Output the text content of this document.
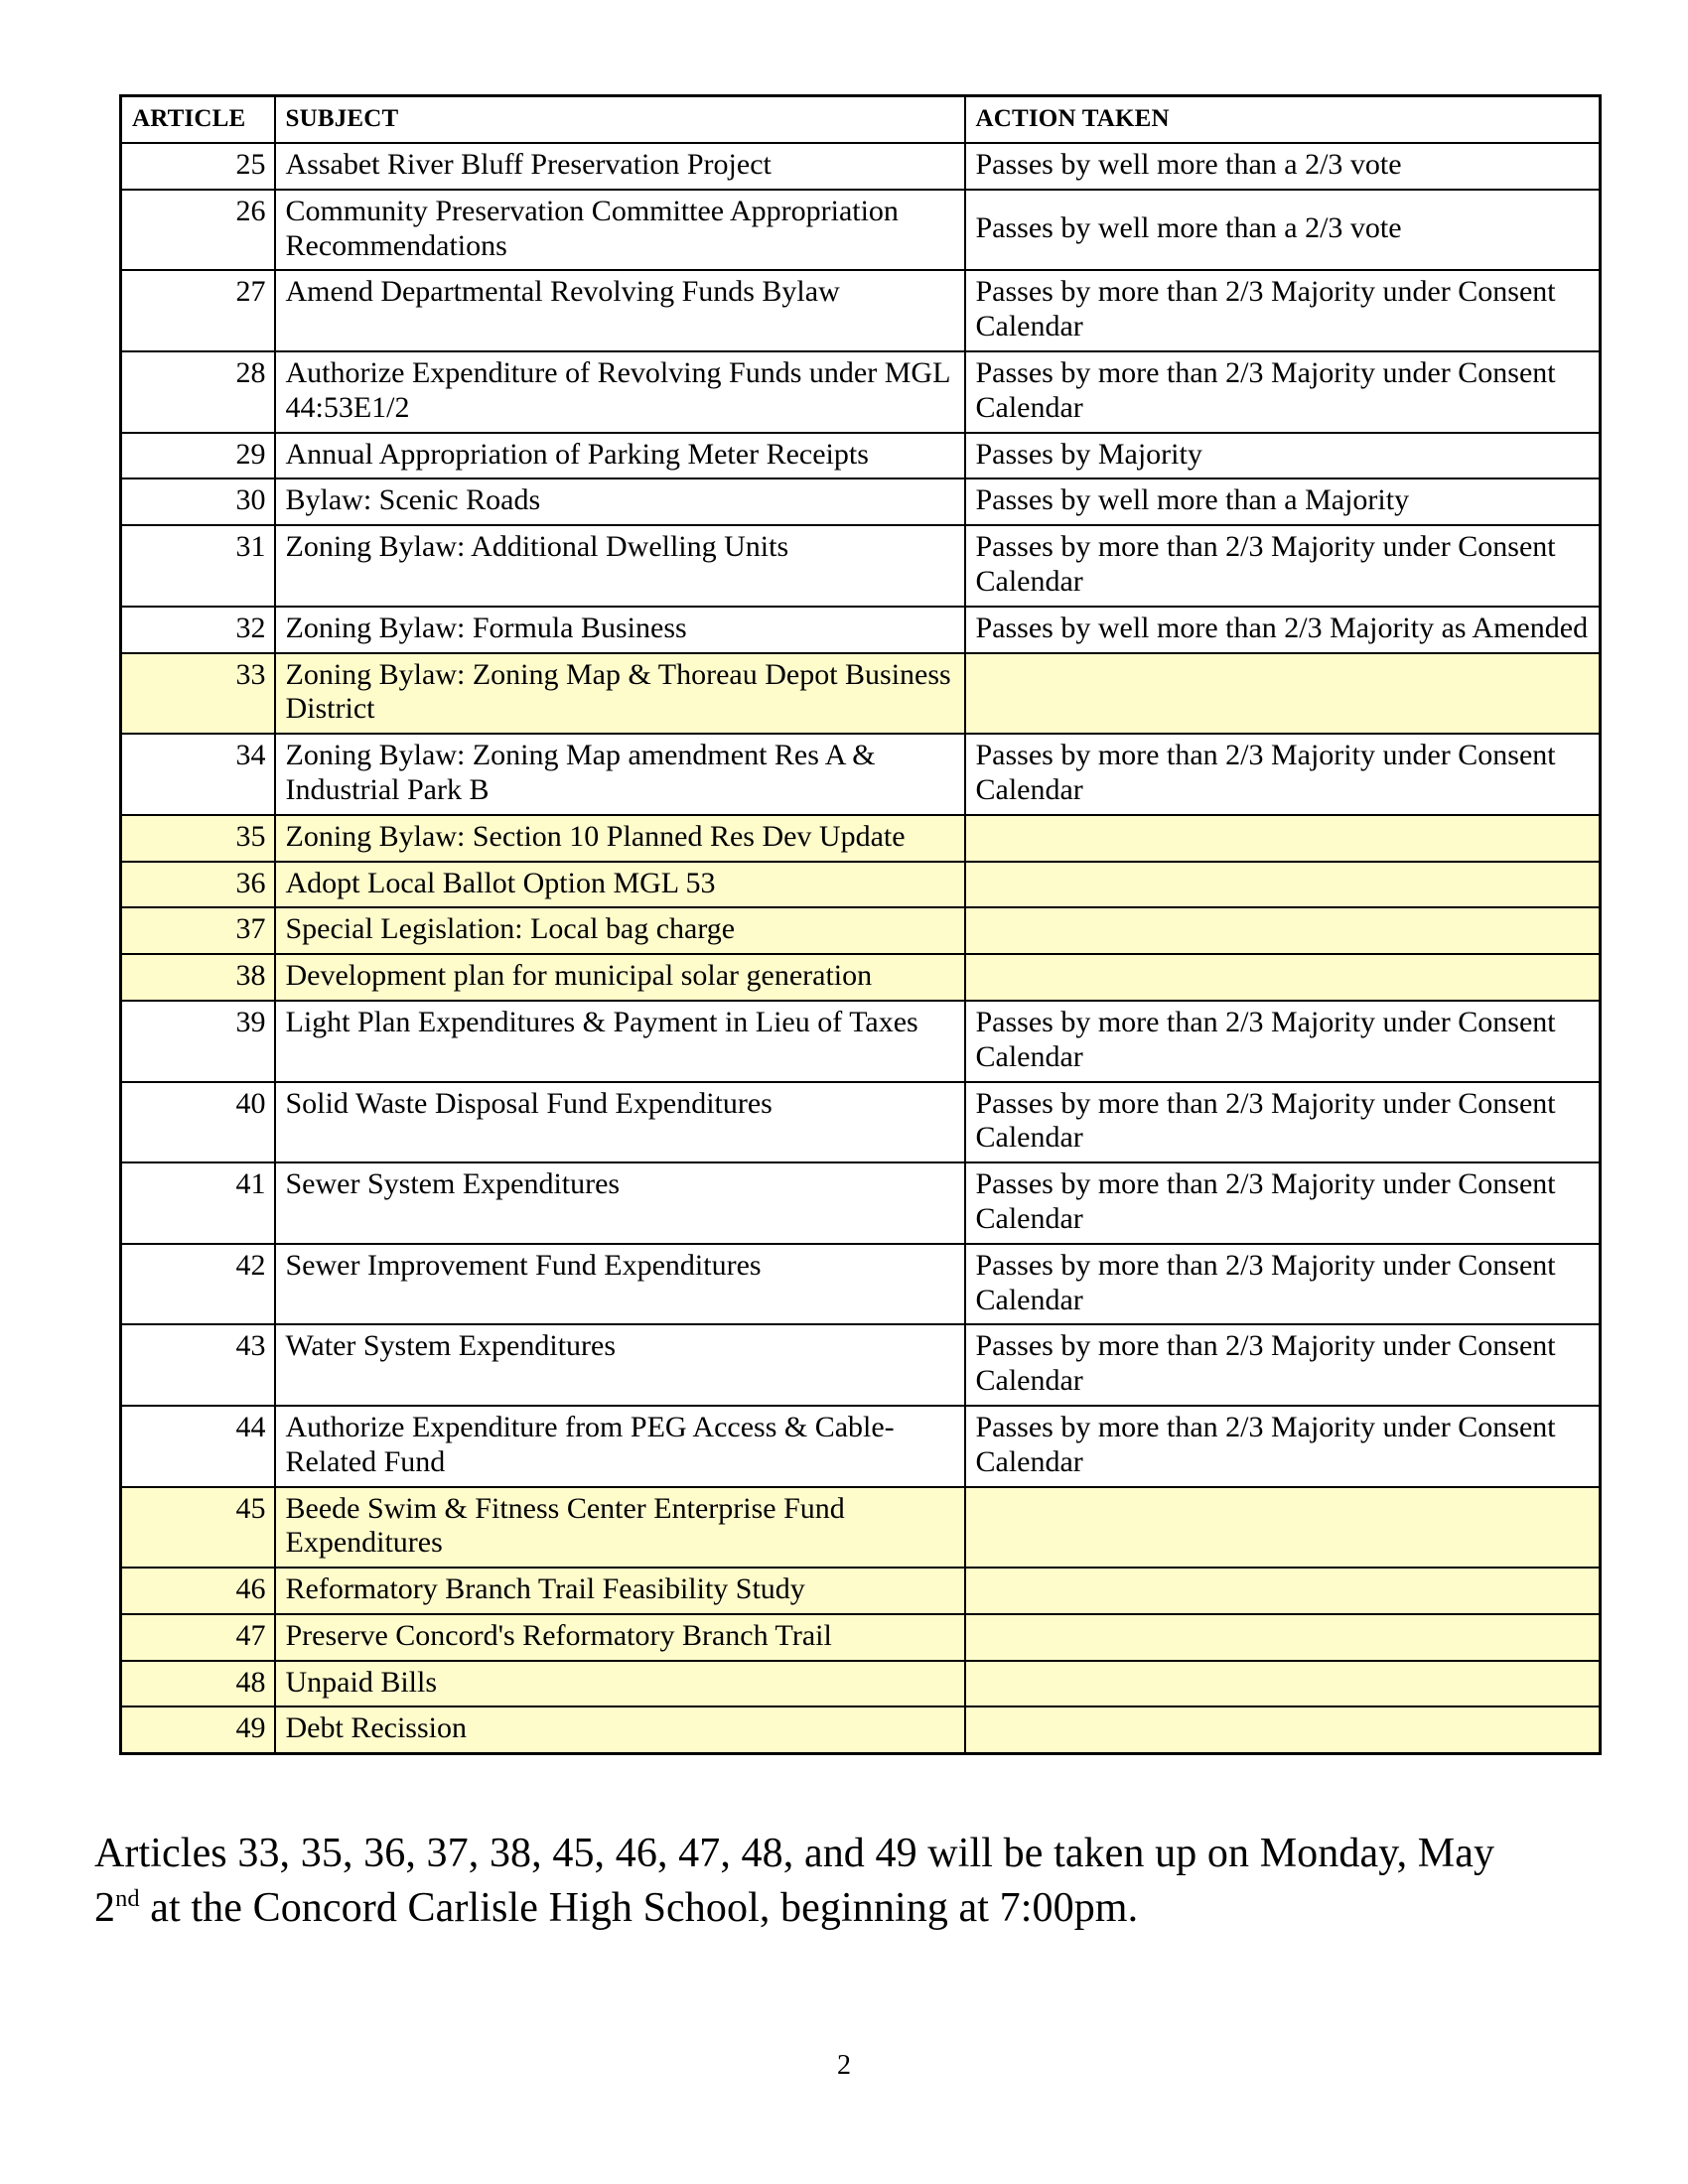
ARTICLE	SUBJECT	ACTION TAKEN
25	Assabet River Bluff Preservation Project	Passes by well more than a 2/3 vote
26	Community Preservation Committee Appropriation Recommendations	Passes by well more than a 2/3 vote
27	Amend Departmental Revolving Funds Bylaw	Passes by more than 2/3 Majority under Consent Calendar
28	Authorize Expenditure of Revolving Funds under MGL 44:53E1/2	Passes by more than 2/3 Majority under Consent Calendar
29	Annual Appropriation of Parking Meter Receipts	Passes by Majority
30	Bylaw: Scenic Roads	Passes by well more than a Majority
31	Zoning Bylaw: Additional Dwelling Units	Passes by more than 2/3 Majority under Consent Calendar
32	Zoning Bylaw: Formula Business	Passes by well more than 2/3 Majority as Amended
33	Zoning Bylaw: Zoning Map & Thoreau Depot Business District	
34	Zoning Bylaw: Zoning Map amendment Res A & Industrial Park B	Passes by more than 2/3 Majority under Consent Calendar
35	Zoning Bylaw: Section 10 Planned Res Dev Update	
36	Adopt Local Ballot Option MGL 53	
37	Special Legislation: Local bag charge	
38	Development plan for municipal solar generation	
39	Light Plan Expenditures & Payment in Lieu of Taxes	Passes by more than 2/3 Majority under Consent Calendar
40	Solid Waste Disposal Fund Expenditures	Passes by more than 2/3 Majority under Consent Calendar
41	Sewer System Expenditures	Passes by more than 2/3 Majority under Consent Calendar
42	Sewer Improvement Fund Expenditures	Passes by more than 2/3 Majority under Consent Calendar
43	Water System Expenditures	Passes by more than 2/3 Majority under Consent Calendar
44	Authorize Expenditure from PEG Access & Cable-Related Fund	Passes by more than 2/3 Majority under Consent Calendar
45	Beede Swim & Fitness Center Enterprise Fund Expenditures	
46	Reformatory Branch Trail Feasibility Study	
47	Preserve Concord's Reformatory Branch Trail	
48	Unpaid Bills	
49	Debt Recission	
Articles 33, 35, 36, 37, 38, 45, 46, 47, 48, and 49 will be taken up on Monday, May 2nd at the Concord Carlisle High School, beginning at 7:00pm.
2
